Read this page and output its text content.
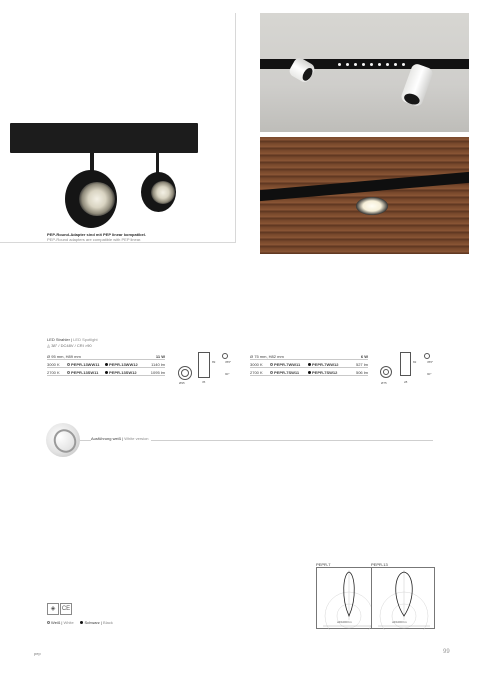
PEP-Round-Adapter sind mit PEP linear kompatibel.
PEP-Round adapters are compatible with PEP linear.
LED Strahler | LED Spotlight
◬ 38° / DC48V / CRI >90
Ø 95 mm, H89 mm	11 W
3000 K	PEPR-13WW11	PEPR-13WW12	1140 lm
2700 K	PEPR-13SW11	PEPR-13SW12	1095 lm
Ø95
89
35
355°
90°
Ø 75 mm, H82 mm	6 W
3000 K	PEPR-7WW11	PEPR-7WW12	527 lm
2700 K	PEPR-7SW11	PEPR-7SW12	506 lm
Ø75
82
28
355°
90°
Ausführung weiß | White version
PEPR-7
cd/1000 lm
PEPR-13
cd/1000 lm
◈	CE
Weiß | White	Schwarz | Black
pep	99
